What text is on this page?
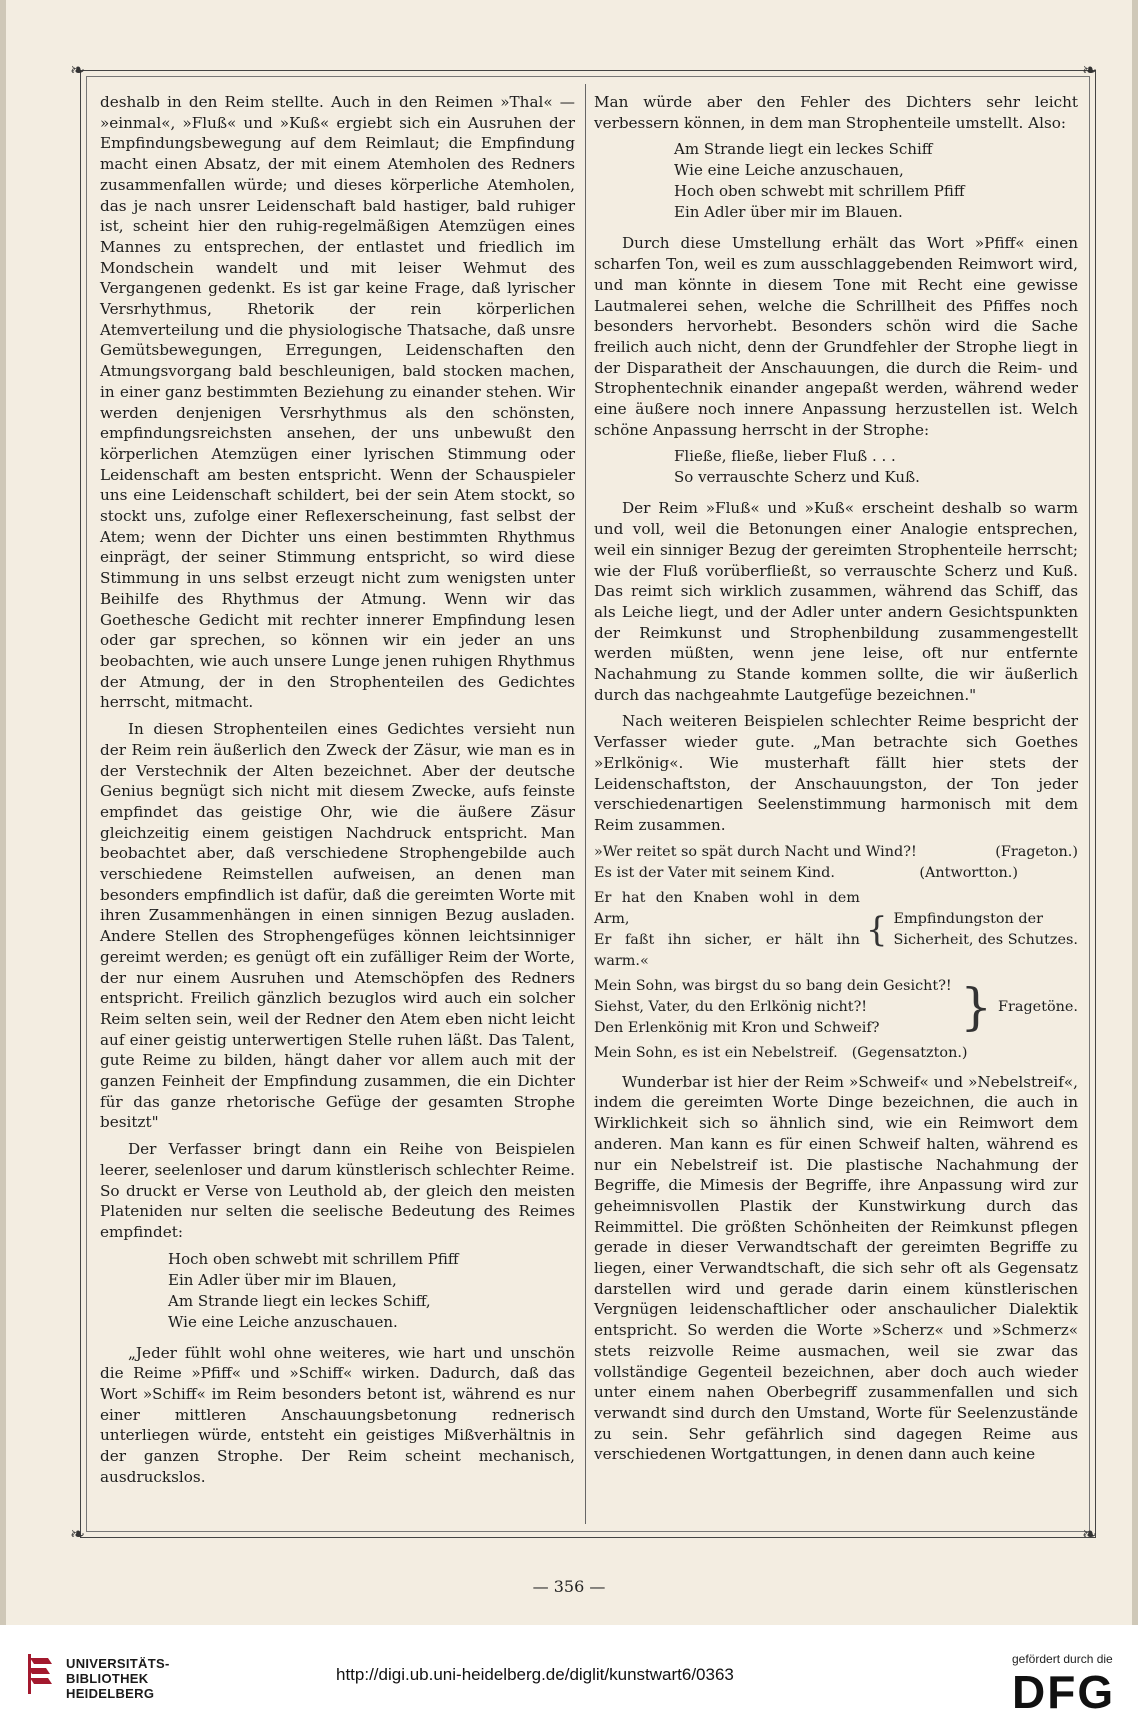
❧	❧
❧	❧

deshalb in den Reim stellte. Auch in den Reimen »Thal« — »einmal«, »Fluß« und »Kuß« ergiebt sich ein Ausruhen der Empfindungsbewegung auf dem Reimlaut; die Empfindung macht einen Absatz, der mit einem Atemholen des Redners zusammenfallen würde; und dieses körperliche Atemholen, das je nach unsrer Leidenschaft bald hastiger, bald ruhiger ist, scheint hier den ruhig-regelmäßigen Atemzügen eines Mannes zu entsprechen, der entlastet und friedlich im Mondschein wandelt und mit leiser Wehmut des Vergangenen gedenkt. Es ist gar keine Frage, daß lyrischer Versrhythmus, Rhetorik der rein körperlichen Atemverteilung und die physiologische Thatsache, daß unsre Gemütsbewegungen, Erregungen, Leidenschaften den Atmungsvorgang bald beschleunigen, bald stocken machen, in einer ganz bestimmten Beziehung zu einander stehen. Wir werden denjenigen Versrhythmus als den schönsten, empfindungsreichsten ansehen, der uns unbewußt den körperlichen Atemzügen einer lyrischen Stimmung oder Leidenschaft am besten entspricht. Wenn der Schauspieler uns eine Leidenschaft schildert, bei der sein Atem stockt, so stockt uns, zufolge einer Reflexerscheinung, fast selbst der Atem; wenn der Dichter uns einen bestimmten Rhythmus einprägt, der seiner Stimmung entspricht, so wird diese Stimmung in uns selbst erzeugt nicht zum wenigsten unter Beihilfe des Rhythmus der Atmung. Wenn wir das Goethesche Gedicht mit rechter innerer Empfindung lesen oder gar sprechen, so können wir ein jeder an uns beobachten, wie auch unsere Lunge jenen ruhigen Rhythmus der Atmung, der in den Strophenteilen des Gedichtes herrscht, mitmacht.

In diesen Strophenteilen eines Gedichtes versieht nun der Reim rein äußerlich den Zweck der Zäsur, wie man es in der Verstechnik der Alten bezeichnet. Aber der deutsche Genius begnügt sich nicht mit diesem Zwecke, aufs feinste empfindet das geistige Ohr, wie die äußere Zäsur gleichzeitig einem geistigen Nachdruck entspricht. Man beobachtet aber, daß verschiedene Strophengebilde auch verschiedene Reimstellen aufweisen, an denen man besonders empfindlich ist dafür, daß die gereimten Worte mit ihren Zusammenhängen in einen sinnigen Bezug ausladen. Andere Stellen des Strophengefüges können leichtsinniger gereimt werden; es genügt oft ein zufälliger Reim der Worte, der nur einem Ausruhen und Atemschöpfen des Redners entspricht. Freilich gänzlich bezuglos wird auch ein solcher Reim selten sein, weil der Redner den Atem eben nicht leicht auf einer geistig unterwertigen Stelle ruhen läßt. Das Talent, gute Reime zu bilden, hängt daher vor allem auch mit der ganzen Feinheit der Empfindung zusammen, die ein Dichter für das ganze rhetorische Gefüge der gesamten Strophe besitzt"

Der Verfasser bringt dann ein Reihe von Beispielen leerer, seelenloser und darum künstlerisch schlechter Reime. So druckt er Verse von Leuthold ab, der gleich den meisten Plateniden nur selten die seelische Bedeutung des Reimes empfindet:

Hoch oben schwebt mit schrillem Pfiff
Ein Adler über mir im Blauen,
Am Strande liegt ein leckes Schiff,
Wie eine Leiche anzuschauen.

„Jeder fühlt wohl ohne weiteres, wie hart und unschön die Reime »Pfiff« und »Schiff« wirken. Dadurch, daß das Wort »Schiff« im Reim besonders betont ist, während es nur einer mittleren Anschauungsbetonung rednerisch unterliegen würde, entsteht ein geistiges Mißverhältnis in der ganzen Strophe. Der Reim scheint mechanisch, ausdruckslos.

Man würde aber den Fehler des Dichters sehr leicht verbessern können, in dem man Strophenteile umstellt. Also:

Am Strande liegt ein leckes Schiff
Wie eine Leiche anzuschauen,
Hoch oben schwebt mit schrillem Pfiff
Ein Adler über mir im Blauen.

Durch diese Umstellung erhält das Wort »Pfiff« einen scharfen Ton, weil es zum ausschlaggebenden Reimwort wird, und man könnte in diesem Tone mit Recht eine gewisse Lautmalerei sehen, welche die Schrillheit des Pfiffes noch besonders hervorhebt. Besonders schön wird die Sache freilich auch nicht, denn der Grundfehler der Strophe liegt in der Disparatheit der Anschauungen, die durch die Reim- und Strophentechnik einander angepaßt werden, während weder eine äußere noch innere Anpassung herzustellen ist. Welch schöne Anpassung herrscht in der Strophe:

Fließe, fließe, lieber Fluß . . .
So verrauschte Scherz und Kuß.

Der Reim »Fluß« und »Kuß« erscheint deshalb so warm und voll, weil die Betonungen einer Analogie entsprechen, weil ein sinniger Bezug der gereimten Strophenteile herrscht; wie der Fluß vorüberfließt, so verrauschte Scherz und Kuß. Das reimt sich wirklich zusammen, während das Schiff, das als Leiche liegt, und der Adler unter andern Gesichtspunkten der Reimkunst und Strophenbildung zusammengestellt werden müßten, wenn jene leise, oft nur entfernte Nachahmung zu Stande kommen sollte, die wir äußerlich durch das nachgeahmte Lautgefüge bezeichnen."

Nach weiteren Beispielen schlechter Reime bespricht der Verfasser wieder gute. „Man betrachte sich Goethes »Erlkönig«. Wie musterhaft fällt hier stets der Leidenschaftston, der Anschauungston, der Ton jeder verschiedenartigen Seelenstimmung harmonisch mit dem Reim zusammen.

»Wer reitet so spät durch Nacht und Wind?!	(Frageton.)
Es ist der Vater mit seinem Kind.	(Antwortton.)
Er hat den Knaben wohl in dem Arm,
Er faßt ihn sicher, er hält ihn warm.«
{ Empfindungston der
Sicherheit, des Schutzes.
Mein Sohn, was birgst du so bang dein Gesicht?!
Siehst, Vater, du den Erlkönig nicht?!
Den Erlenkönig mit Kron und Schweif?	} Fragetöne.
Mein Sohn, es ist ein Nebelstreif. (Gegensatzton.)

Wunderbar ist hier der Reim »Schweif« und »Nebelstreif«, indem die gereimten Worte Dinge bezeichnen, die auch in Wirklichkeit sich so ähnlich sind, wie ein Reimwort dem anderen. Man kann es für einen Schweif halten, während es nur ein Nebelstreif ist. Die plastische Nachahmung der Begriffe, die Mimesis der Begriffe, ihre Anpassung wird zur geheimnisvollen Plastik der Kunstwirkung durch das Reimmittel. Die größten Schönheiten der Reimkunst pflegen gerade in dieser Verwandtschaft der gereimten Begriffe zu liegen, einer Verwandtschaft, die sich sehr oft als Gegensatz darstellen wird und gerade darin einem künstlerischen Vergnügen leidenschaftlicher oder anschaulicher Dialektik entspricht. So werden die Worte »Scherz« und »Schmerz« stets reizvolle Reime ausmachen, weil sie zwar das vollständige Gegenteil bezeichnen, aber doch auch wieder unter einem nahen Oberbegriff zusammenfallen und sich verwandt sind durch den Umstand, Worte für Seelenzustände zu sein. Sehr gefährlich sind dagegen Reime aus verschiedenen Wortgattungen, in denen dann auch keine

— 356 —
UNIVERSITÄTS-
BIBLIOTHEK
HEIDELBERG
http://digi.ub.uni-heidelberg.de/diglit/kunstwart6/0363
gefördert durch die
DFG
